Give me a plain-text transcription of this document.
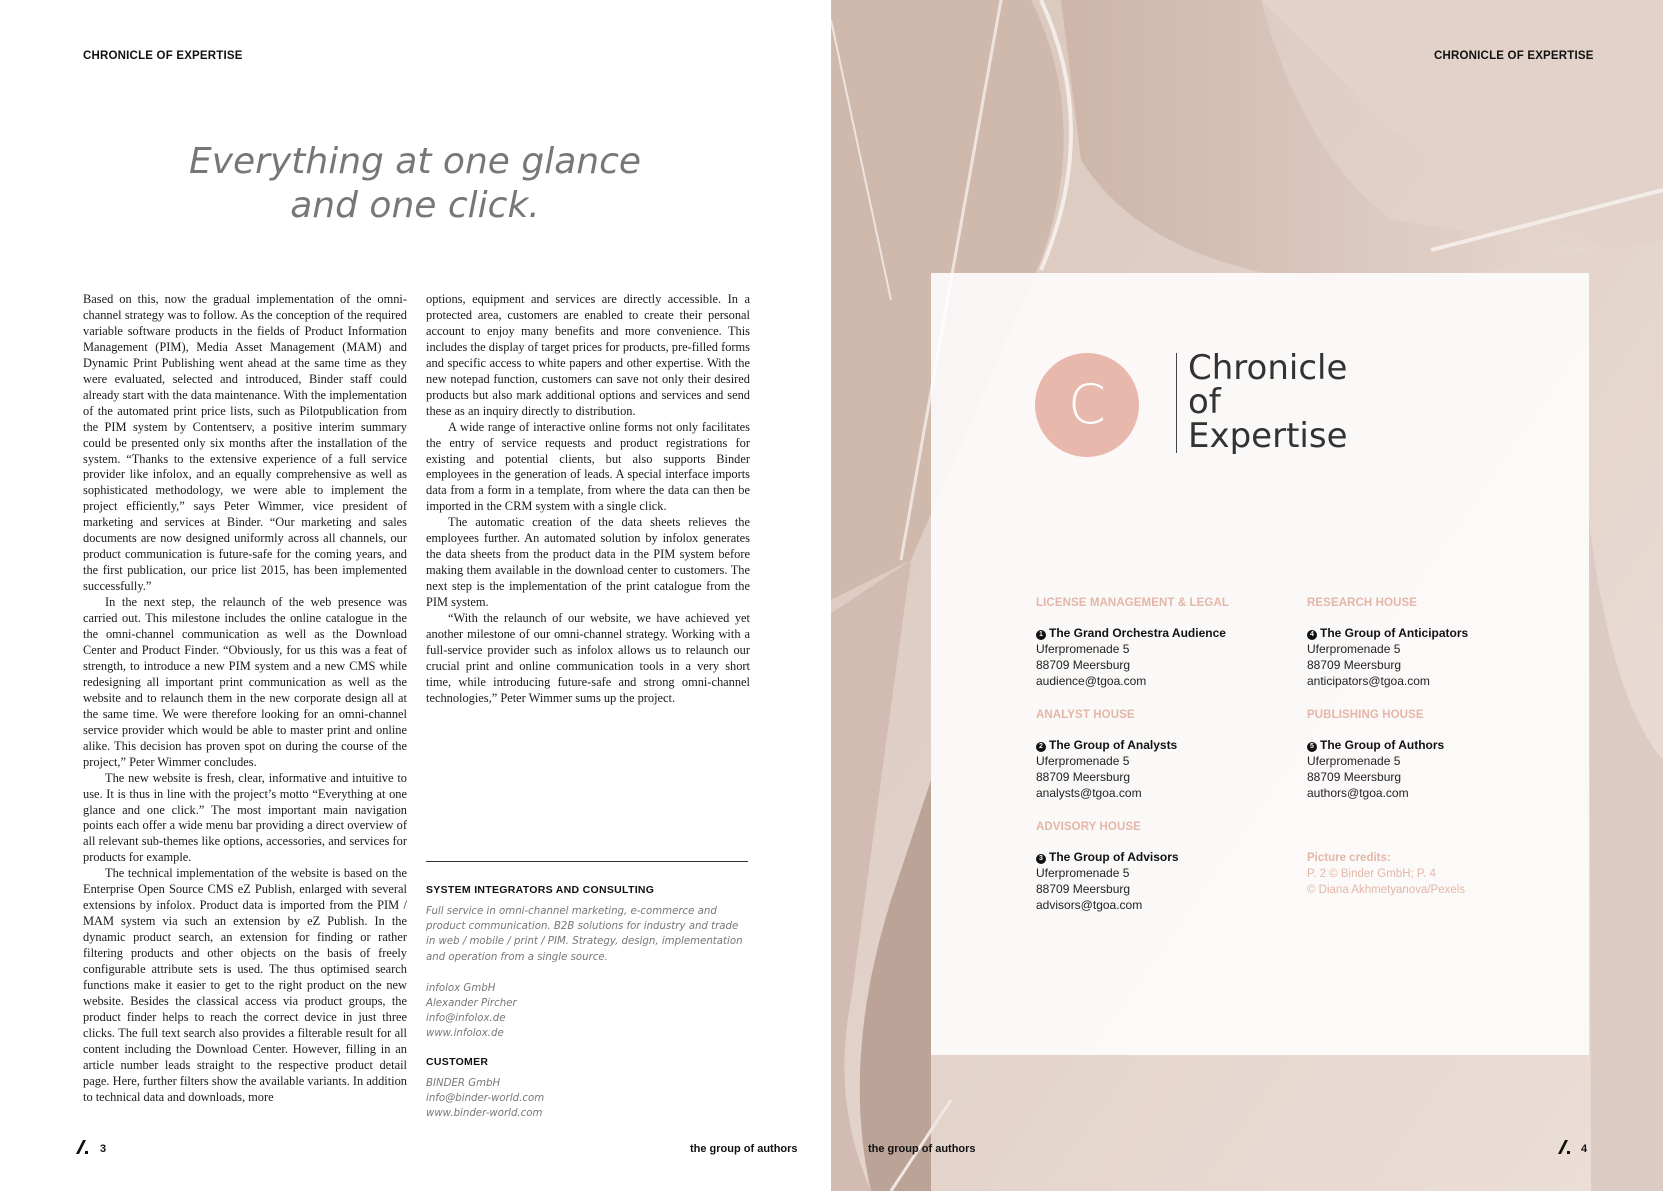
CHRONICLE OF EXPERTISE
Everything at one glance
and one click.

Based on this, now the gradual implementation of the omni-channel strategy was to follow. As the conception of the required variable software products in the fields of Product Information Management (PIM), Media Asset Management (MAM) and Dynamic Print Publishing went ahead at the same time as they were evaluated, selected and introduced, Binder staff could already start with the data maintenance. With the implementation of the automated print price lists, such as Pilotpublication from the PIM system by Contentserv, a positive interim summary could be presented only six months after the installation of the system. “Thanks to the extensive experience of a full service provider like infolox, and an equally comprehensive as well as sophisticated methodology, we were able to implement the project efficiently,” says Peter Wimmer, vice president of marketing and services at Binder. “Our marketing and sales documents are now designed uniformly across all channels, our product communication is future-safe for the coming years, and the first publication, our price list 2015, has been implemented successfully.”

In the next step, the relaunch of the web presence was carried out. This milestone includes the online catalogue in the the omni-channel communication as well as the Download Center and Product Finder. “Obviously, for us this was a feat of strength, to introduce a new PIM system and a new CMS while redesigning all important print communication as well as the website and to relaunch them in the new corporate design all at the same time. We were therefore looking for an omni-channel service provider which would be able to master print and online alike. This decision has proven spot on during the course of the project,” Peter Wimmer concludes.

The new website is fresh, clear, informative and intuitive to use. It is thus in line with the project’s motto “Everything at one glance and one click.” The most important main navigation points each offer a wide menu bar providing a direct overview of all relevant sub-themes like options, accessories, and services for products for example.

The technical implementation of the website is based on the Enterprise Open Source CMS eZ Publish, enlarged with several extensions by infolox. Product data is imported from the PIM / MAM system via such an extension by eZ Publish. In the dynamic product search, an extension for finding or rather filtering products and other objects on the basis of freely configurable attribute sets is used. The thus optimised search functions make it easier to get to the right product on the new website. Besides the classical access via product groups, the product finder helps to reach the correct device in just three clicks. The full text search also provides a filterable result for all content including the Download Center. However, filling in an article number leads straight to the respective product detail page. Here, further filters show the available variants. In addition to technical data and downloads, more

options, equipment and services are directly accessible. In a protected area, customers are enabled to create their personal account to enjoy many benefits and more convenience. This includes the display of target prices for products, pre-filled forms and specific access to white papers and other expertise. With the new notepad function, customers can save not only their desired products but also mark additional options and services and send these as an inquiry directly to distribution.

A wide range of interactive online forms not only facilitates the entry of service requests and product registrations for existing and potential clients, but also supports Binder employees in the generation of leads. A special interface imports data from a form in a template, from where the data can then be imported in the CRM system with a single click.

The automatic creation of the data sheets relieves the employees further. An automated solution by infolox generates the data sheets from the product data in the PIM system before making them available in the download center to customers. The next step is the implementation of the print catalogue from the PIM system.

“With the relaunch of our website, we have achieved yet another milestone of our omni-channel strategy. Working with a full-service provider such as infolox allows us to relaunch our crucial print and online communication tools in a very short time, while introducing future-safe and strong omni-channel technologies,” Peter Wimmer sums up the project.

SYSTEM INTEGRATORS AND CONSULTING

Full service in omni-channel marketing, e-commerce and product communication. B2B solutions for industry and trade in web / mobile / print / PIM. Strategy, design, implementation and operation from a single source.

infolox GmbH

Alexander Pircher

info@infolox.de

www.infolox.de

CUSTOMER

BINDER GmbH

info@binder-world.com

www.binder-world.com

3	the group of authors
CHRONICLE OF EXPERTISE
C
Chronicle
of
Expertise
LICENSE MANAGEMENT & LEGAL
1 The Grand Orchestra Audience
Uferpromenade 5
88709 Meersburg
audience@tgoa.com
ANALYST HOUSE
2 The Group of Analysts
Uferpromenade 5
88709 Meersburg
analysts@tgoa.com
ADVISORY HOUSE
3 The Group of Advisors
Uferpromenade 5
88709 Meersburg
advisors@tgoa.com
RESEARCH HOUSE
4 The Group of Anticipators
Uferpromenade 5
88709 Meersburg
anticipators@tgoa.com
PUBLISHING HOUSE
5 The Group of Authors
Uferpromenade 5
88709 Meersburg
authors@tgoa.com
Picture credits:
P. 2 © Binder GmbH; P. 4
© Diana Akhmetyanova/Pexels
the group of authors	4
